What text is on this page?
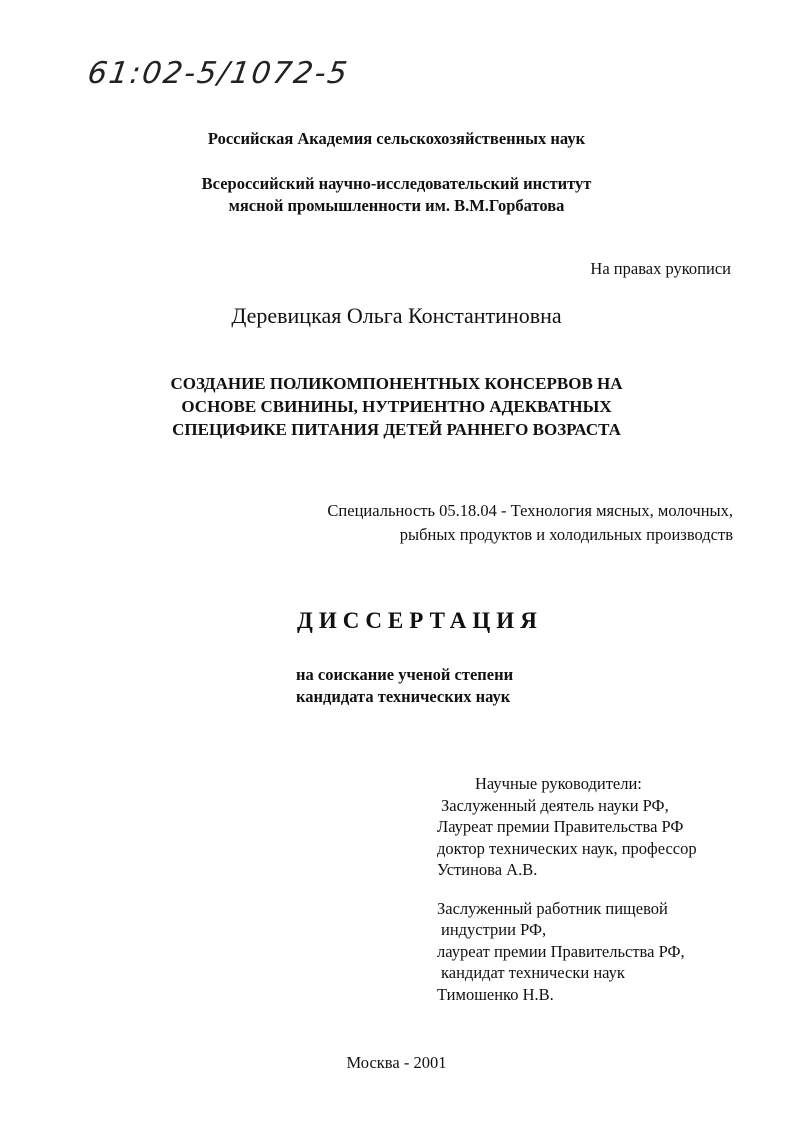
61:02-5/1072-5
Российская Академия сельскохозяйственных наук
Всероссийский научно-исследовательский институт
мясной промышленности им. В.М.Горбатова
На правах рукописи
Деревицкая Ольга Константиновна
СОЗДАНИЕ ПОЛИКОМПОНЕНТНЫХ КОНСЕРВОВ НА
ОСНОВЕ СВИНИНЫ, НУТРИЕНТНО АДЕКВАТНЫХ
СПЕЦИФИКЕ ПИТАНИЯ ДЕТЕЙ РАННЕГО ВОЗРАСТА
Специальность 05.18.04 - Технология мясных, молочных,
рыбных продуктов и холодильных производств
ДИССЕРТАЦИЯ
на соискание ученой степени
кандидата технических наук
Научные руководители:
Заслуженный деятель науки РФ,
Лауреат премии Правительства РФ
доктор технических наук, профессор
Устинова А.В.
Заслуженный работник пищевой
индустрии РФ,
лауреат премии Правительства РФ,
кандидат технически наук
Тимошенко Н.В.
Москва - 2001
